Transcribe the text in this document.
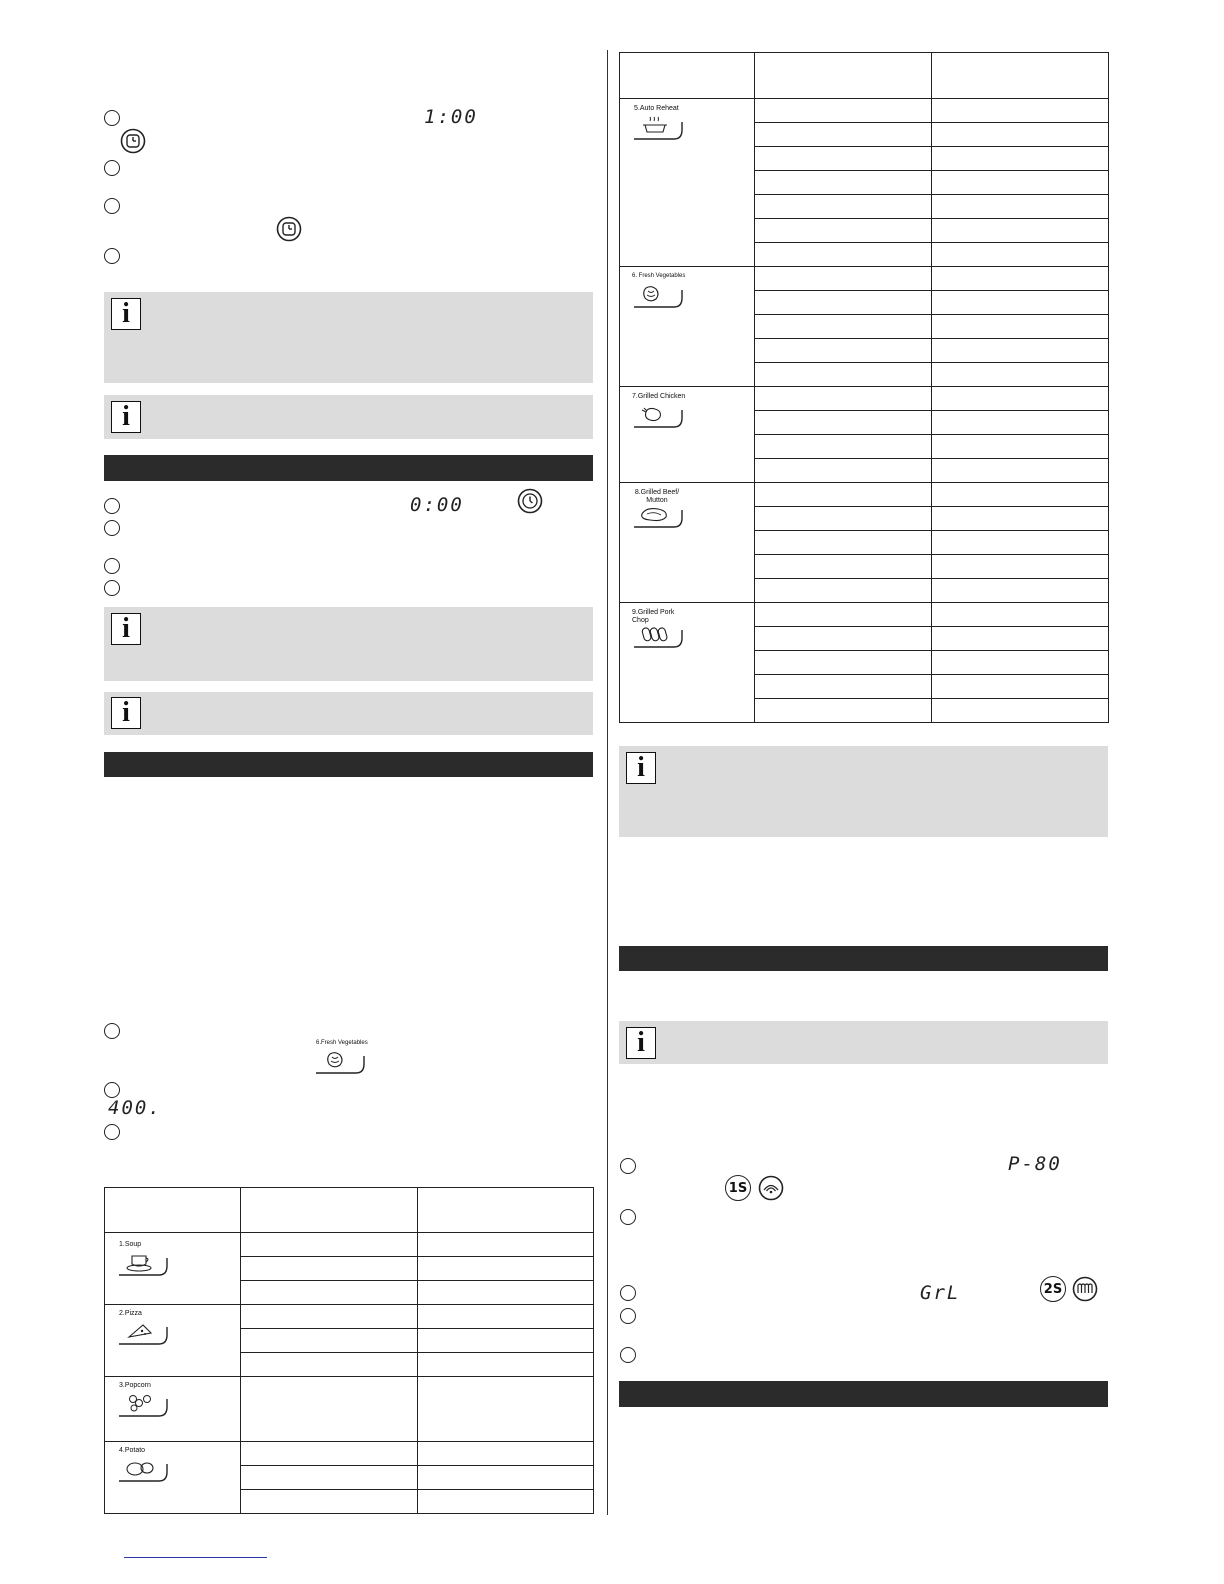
1:00
i
i
0:00
i
i
6.Fresh Vegetables
400.

1.Soup		

2.Pizza		

3.Popcorn		

4.Potato		

5.Auto Reheat		

6. Fresh Vegetables		

7.Grilled Chicken		

8.Grilled Beef/ Mutton		

9.Grilled Pork Chop		

i
i
P-80
1S
GrL	2S
